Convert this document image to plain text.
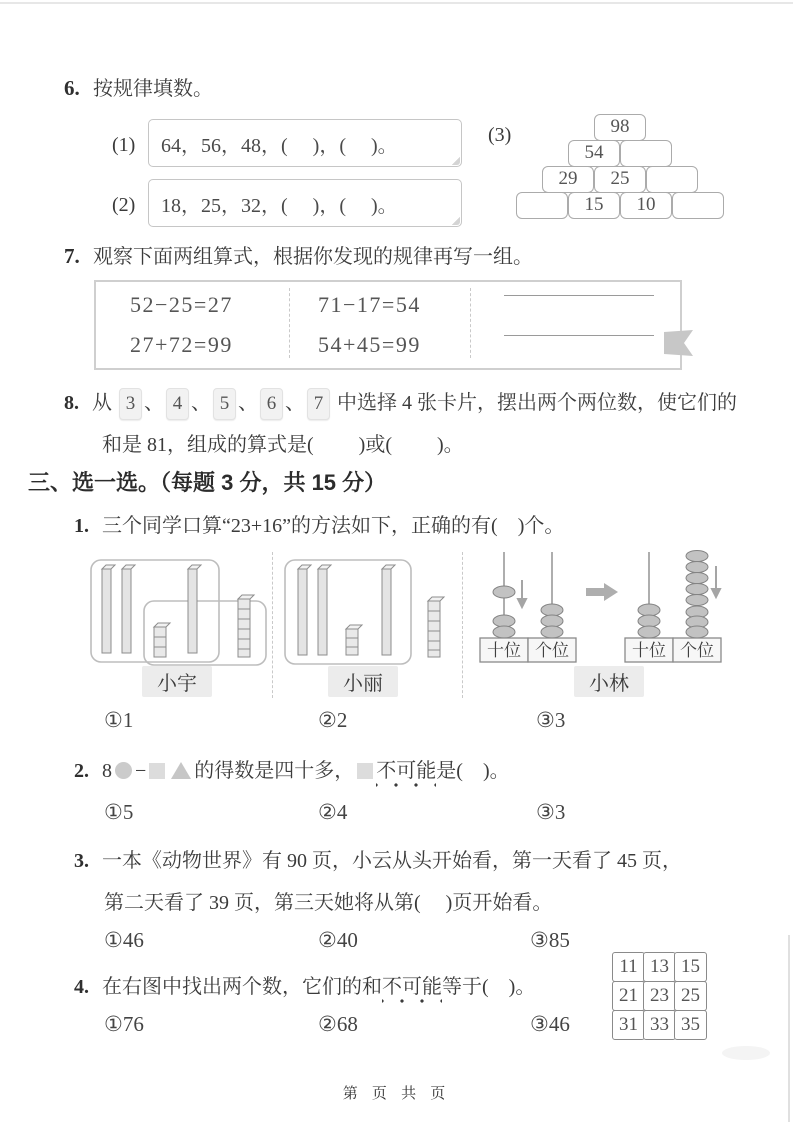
6. 按规律填数。
(1) 64，56，48，(     )，(     )。
(2) 18，25，32，(     )，(     )。
(3)	98
54
29	25
15	10
7. 观察下面两组算式，根据你发现的规律再写一组。
52−25=27	71−17=54
27+72=99	54+45=99
8. 从 3 、 4 、 5 、 6 、 7 中选择 4 张卡片，摆出两个两位数，使它们的
和是 81，组成的算式是(         )或(         )。
三、选一选。（每题 3 分，共 15 分）
1. 三个同学口算“23+16”的方法如下，正确的有(    )个。
小宇	小丽
十位 个位	十位 个位
小林
①1	②2	③3
2. 8 − 的得数是四十多， 不可能是(    )。
①5	②4	③3
3. 一本《动物世界》有 90 页，小云从头开始看，第一天看了 45 页，
第二天看了 39 页，第三天她将从第(     )页开始看。
①46	②40	③85
4. 在右图中找出两个数，它们的和不可能等于(    )。
11 13 15
21 23 25
31 33 35
①76	②68	③46
第 页 共 页
